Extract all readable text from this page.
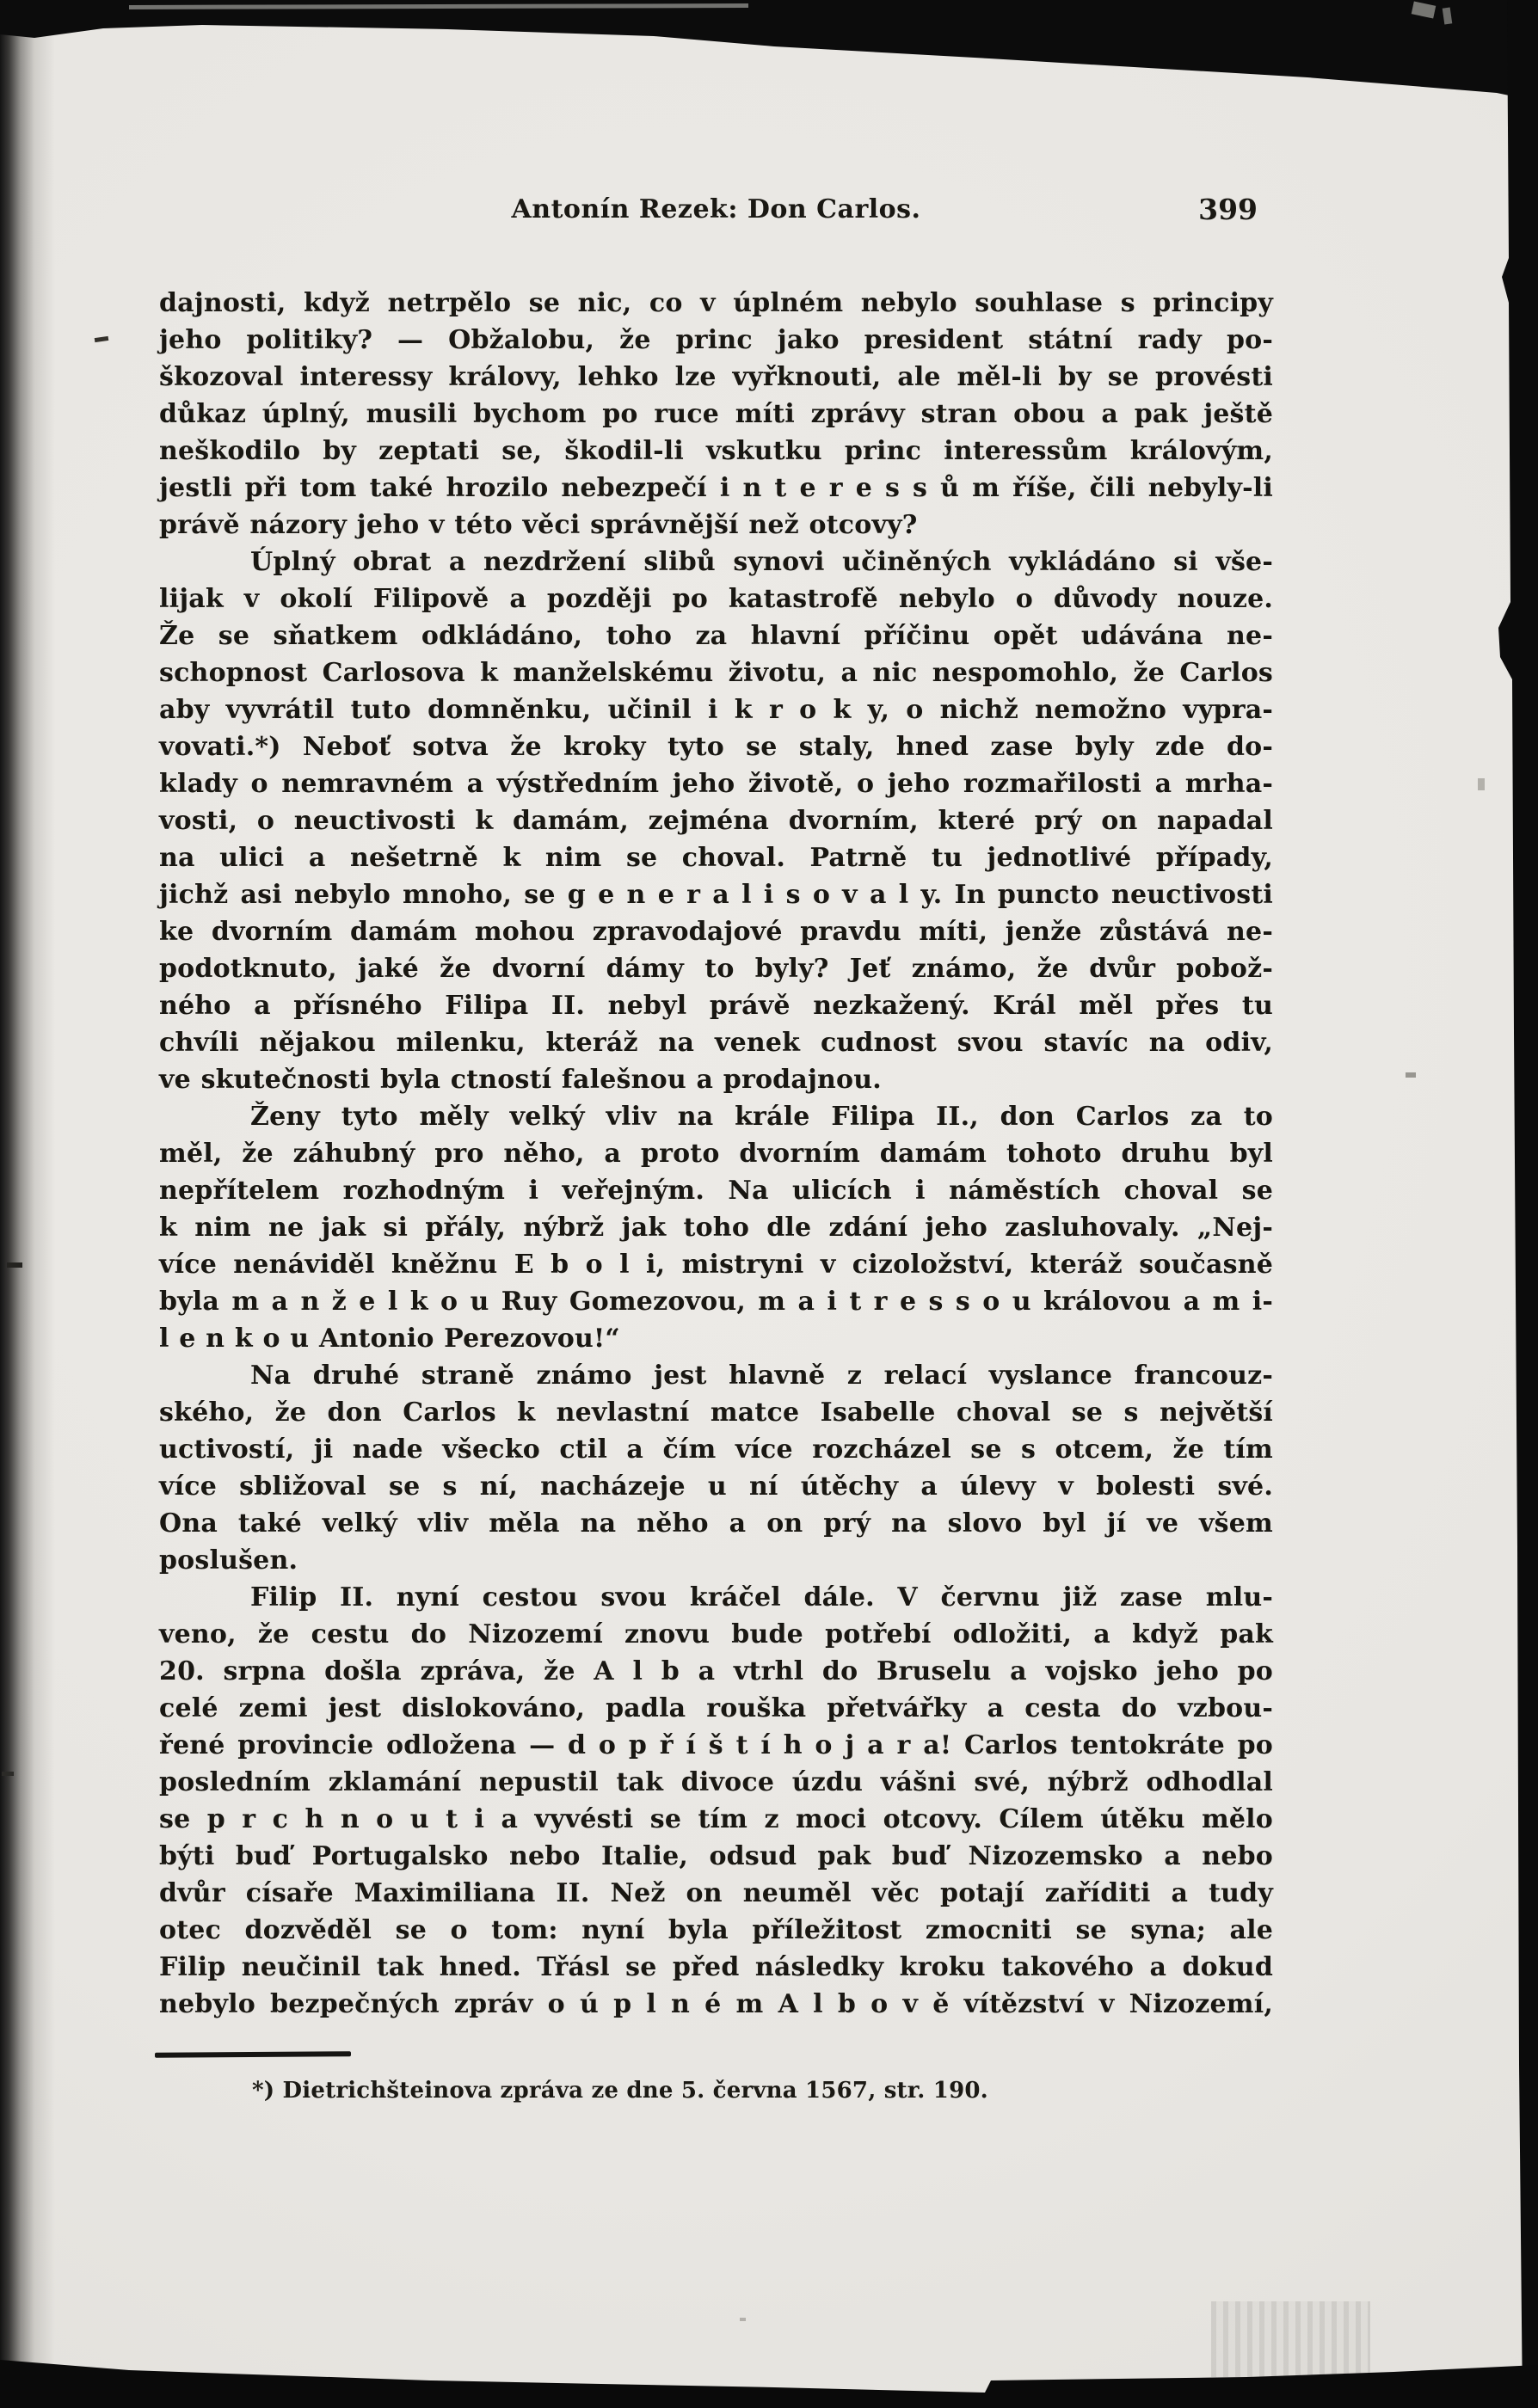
Antonín Rezek: Don Carlos.	399
dajnosti, když netrpělo se nic, co v úplném nebylo souhlase s principy
jeho politiky? — Obžalobu, že princ jako president státní rady po-
škozoval interessy královy, lehko lze vyřknouti, ale měl-li by se provésti
důkaz úplný, musili bychom po ruce míti zprávy stran obou a pak ještě
neškodilo by zeptati se, škodil-li vskutku princ interessům královým,
jestli při tom také hrozilo nebezpečí i n t e r e s s ů m říše, čili nebyly-li
právě názory jeho v této věci správnější než otcovy?
Úplný obrat a nezdržení slibů synovi učiněných vykládáno si vše-
lijak v okolí Filipově a později po katastrofě nebylo o důvody nouze.
Že se sňatkem odkládáno, toho za hlavní příčinu opět udávána ne-
schopnost Carlosova k manželskému životu, a nic nespomohlo, že Carlos
aby vyvrátil tuto domněnku, učinil i k r o k y, o nichž nemožno vypra-
vovati.*) Neboť sotva že kroky tyto se staly, hned zase byly zde do-
klady o nemravném a výstředním jeho životě, o jeho rozmařilosti a mrha-
vosti, o neuctivosti k damám, zejména dvorním, které prý on napadal
na ulici a nešetrně k nim se choval. Patrně tu jednotlivé případy,
jichž asi nebylo mnoho, se g e n e r a l i s o v a l y. In puncto neuctivosti
ke dvorním damám mohou zpravodajové pravdu míti, jenže zůstává ne-
podotknuto, jaké že dvorní dámy to byly? Jeť známo, že dvůr pobož-
ného a přísného Filipa II. nebyl právě nezkažený. Král měl přes tu
chvíli nějakou milenku, kteráž na venek cudnost svou stavíc na odiv,
ve skutečnosti byla ctností falešnou a prodajnou.
Ženy tyto měly velký vliv na krále Filipa II., don Carlos za to
měl, že záhubný pro něho, a proto dvorním damám tohoto druhu byl
nepřítelem rozhodným i veřejným. Na ulicích i náměstích choval se
k nim ne jak si přály, nýbrž jak toho dle zdání jeho zasluhovaly. „Nej-
více nenáviděl kněžnu E b o l i, mistryni v cizoložství, kteráž současně
byla m a n ž e l k o u Ruy Gomezovou, m a i t r e s s o u královou a m i-
l e n k o u Antonio Perezovou!“
Na druhé straně známo jest hlavně z relací vyslance francouz-
ského, že don Carlos k nevlastní matce Isabelle choval se s největší
uctivostí, ji nade všecko ctil a čím více rozcházel se s otcem, že tím
více sbližoval se s ní, nacházeje u ní útěchy a úlevy v bolesti své.
Ona také velký vliv měla na něho a on prý na slovo byl jí ve všem
poslušen.
Filip II. nyní cestou svou kráčel dále. V červnu již zase mlu-
veno, že cestu do Nizozemí znovu bude potřebí odložiti, a když pak
20. srpna došla zpráva, že A l b a vtrhl do Bruselu a vojsko jeho po
celé zemi jest dislokováno, padla rouška přetvářky a cesta do vzbou-
řené provincie odložena — d o p ř í š t í h o j a r a! Carlos tentokráte po
posledním zklamání nepustil tak divoce úzdu vášni své, nýbrž odhodlal
se p r c h n o u t i a vyvésti se tím z moci otcovy. Cílem útěku mělo
býti buď Portugalsko nebo Italie, odsud pak buď Nizozemsko a nebo
dvůr císaře Maximiliana II. Než on neuměl věc potají zaříditi a tudy
otec dozvěděl se o tom: nyní byla příležitost zmocniti se syna; ale
Filip neučinil tak hned. Třásl se před následky kroku takového a dokud
nebylo bezpečných zpráv o ú p l n é m A l b o v ě vítězství v Nizozemí,
*) Dietrichšteinova zpráva ze dne 5. června 1567, str. 190.
